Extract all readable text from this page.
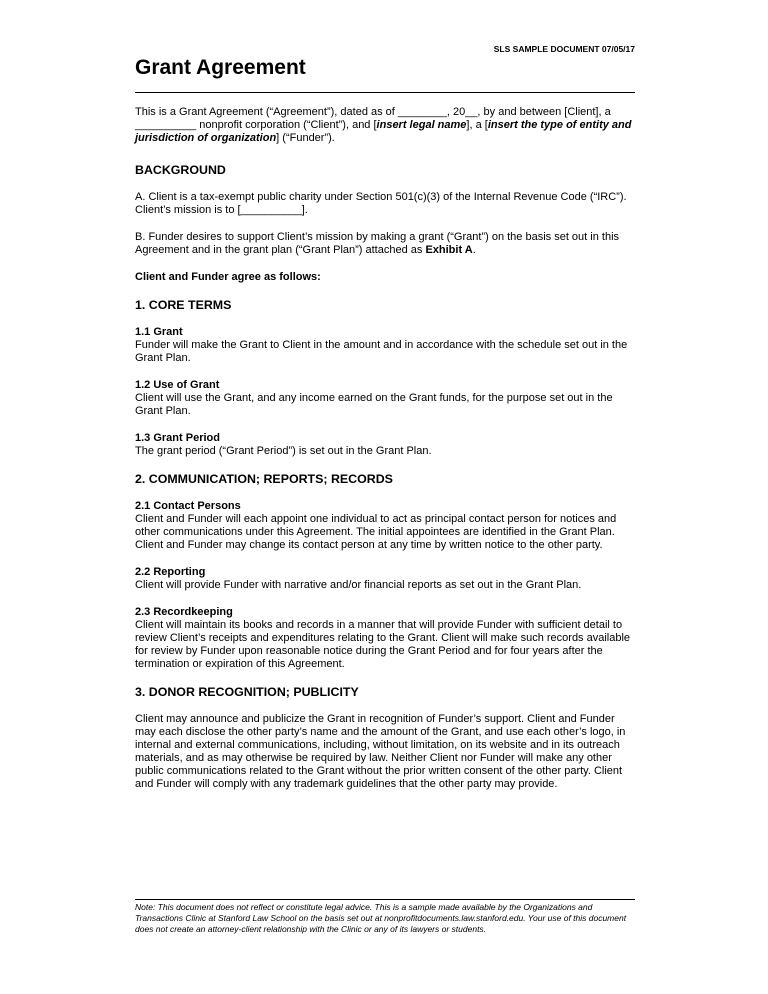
SLS SAMPLE DOCUMENT 07/05/17
Grant Agreement

This is a Grant Agreement (“Agreement”), dated as of ________, 20__, by and between [Client], a __________ nonprofit corporation (“Client”), and [insert legal name], a [insert the type of entity and jurisdiction of organization] (“Funder”).

BACKGROUND

A. Client is a tax-exempt public charity under Section 501(c)(3) of the Internal Revenue Code (“IRC”). Client’s mission is to [__________].

B. Funder desires to support Client’s mission by making a grant (“Grant”) on the basis set out in this Agreement and in the grant plan (“Grant Plan”) attached as Exhibit A.

Client and Funder agree as follows:

1. CORE TERMS

1.1 Grant

Funder will make the Grant to Client in the amount and in accordance with the schedule set out in the Grant Plan.

1.2 Use of Grant

Client will use the Grant, and any income earned on the Grant funds, for the purpose set out in the Grant Plan.

1.3 Grant Period

The grant period (“Grant Period”) is set out in the Grant Plan.

2. COMMUNICATION; REPORTS; RECORDS

2.1 Contact Persons

Client and Funder will each appoint one individual to act as principal contact person for notices and other communications under this Agreement. The initial appointees are identified in the Grant Plan. Client and Funder may change its contact person at any time by written notice to the other party.

2.2 Reporting

Client will provide Funder with narrative and/or financial reports as set out in the Grant Plan.

2.3 Recordkeeping

Client will maintain its books and records in a manner that will provide Funder with sufficient detail to review Client’s receipts and expenditures relating to the Grant. Client will make such records available for review by Funder upon reasonable notice during the Grant Period and for four years after the termination or expiration of this Agreement.

3. DONOR RECOGNITION; PUBLICITY

Client may announce and publicize the Grant in recognition of Funder’s support. Client and Funder may each disclose the other party’s name and the amount of the Grant, and use each other’s logo, in internal and external communications, including, without limitation, on its website and in its outreach materials, and as may otherwise be required by law. Neither Client nor Funder will make any other public communications related to the Grant without the prior written consent of the other party. Client and Funder will comply with any trademark guidelines that the other party may provide.

Note: This document does not reflect or constitute legal advice. This is a sample made available by the Organizations and Transactions Clinic at Stanford Law School on the basis set out at nonprofitdocuments.law.stanford.edu. Your use of this document does not create an attorney-client relationship with the Clinic or any of its lawyers or students.
